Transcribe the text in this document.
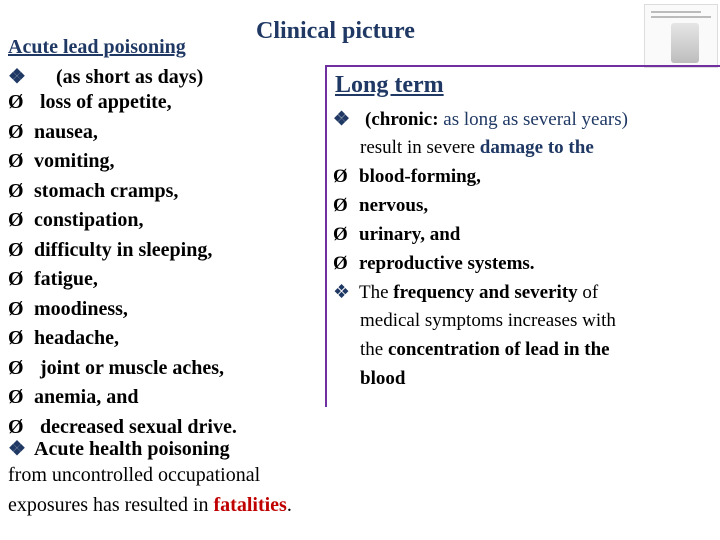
Clinical picture
Acute lead poisoning
❖ (as short as days)
Ø loss of appetite,
Ø nausea,
Ø vomiting,
Ø stomach cramps,
Ø constipation,
Ø difficulty in sleeping,
Ø fatigue,
Ø moodiness,
Ø headache,
Ø joint or muscle aches,
Ø anemia, and
Ø decreased sexual drive.
❖ Acute health poisoning
from uncontrolled occupational
exposures has resulted in fatalities.
Long term
❖ (chronic: as long as several years)
result in severe damage to the
Ø blood-forming,
Ø nervous,
Ø urinary, and
Ø reproductive systems.
❖ The frequency and severity of
medical symptoms increases with
the concentration of lead in the
blood
